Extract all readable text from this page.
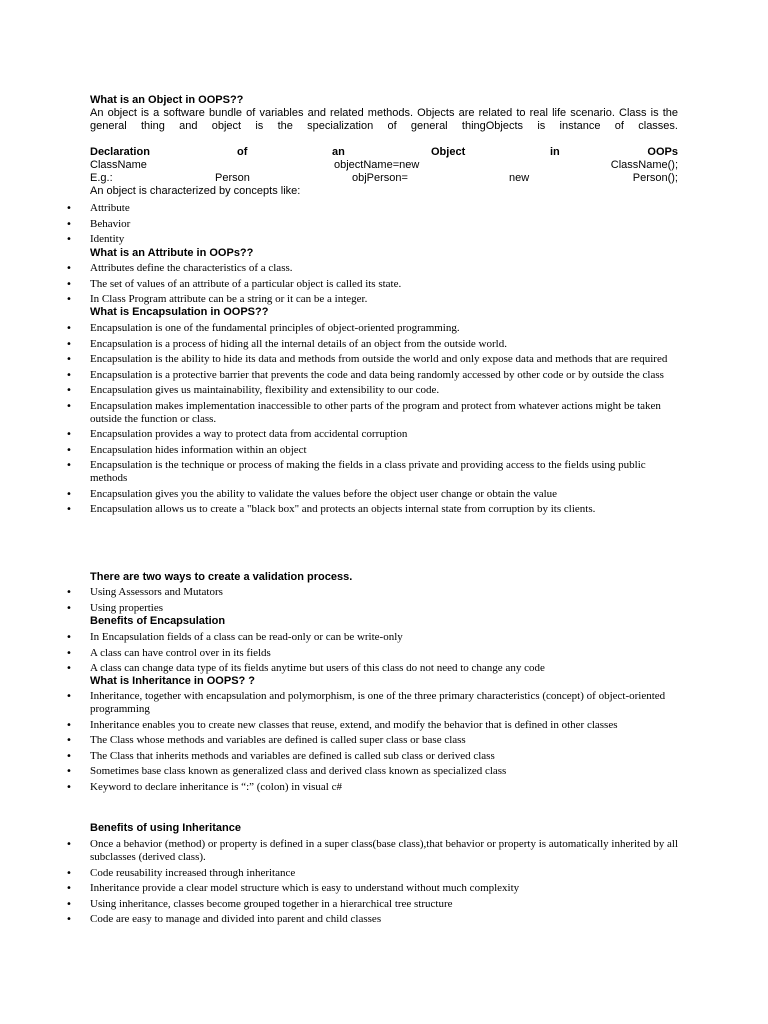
What is an Object in OOPS??
An object is a software bundle of variables and related methods. Objects are related to real life scenario. Class is the general thing and object is the specialization of general thingObjects is instance of classes.
Declaration	of	an	Object	in	OOPs
ClassName	objectName=new	ClassName();
E.g.:	Person	objPerson=	new	Person();
An object is characterized by concepts like:
• Attribute
• Behavior
• Identity
What is an Attribute in OOPs??
• Attributes define the characteristics of a class.
• The set of values of an attribute of a particular object is called its state.
• In Class Program attribute can be a string or it can be a integer.
What is Encapsulation in OOPS??
• Encapsulation is one of the fundamental principles of object-oriented programming.
• Encapsulation is a process of hiding all the internal details of an object from the outside world.
• Encapsulation is the ability to hide its data and methods from outside the world and only expose data and methods that are required
• Encapsulation is a protective barrier that prevents the code and data being randomly accessed by other code or by outside the class
• Encapsulation gives us maintainability, flexibility and extensibility to our code.
• Encapsulation makes implementation inaccessible to other parts of the program and protect from whatever actions might be taken outside the function or class.
• Encapsulation provides a way to protect data from accidental corruption
• Encapsulation hides information within an object
• Encapsulation is the technique or process of making the fields in a class private and providing access to the fields using public methods
• Encapsulation gives you the ability to validate the values before the object user change or obtain the value
• Encapsulation allows us to create a "black box" and protects an objects internal state from corruption by its clients.
There are two ways to create a validation process.
• Using Assessors and Mutators
• Using properties
Benefits of Encapsulation
• In Encapsulation fields of a class can be read-only or can be write-only
• A class can have control over in its fields
• A class can change data type of its fields anytime but users of this class do not need to change any code
What is Inheritance in OOPS? ?
• Inheritance, together with encapsulation and polymorphism, is one of the three primary characteristics (concept) of object-oriented programming
• Inheritance enables you to create new classes that reuse, extend, and modify the behavior that is defined in other classes
• The Class whose methods and variables are defined is called super class or base class
• The Class that inherits methods and variables are defined is called sub class or derived class
• Sometimes base class known as generalized class and derived class known as specialized class
• Keyword to declare inheritance is “:” (colon) in visual c#
Benefits of using Inheritance
• Once a behavior (method) or property is defined in a super class(base class),that behavior or property is automatically inherited by all subclasses (derived class).
• Code reusability increased through inheritance
• Inheritance provide a clear model structure which is easy to understand without much complexity
• Using inheritance, classes become grouped together in a hierarchical tree structure
• Code are easy to manage and divided into parent and child classes
